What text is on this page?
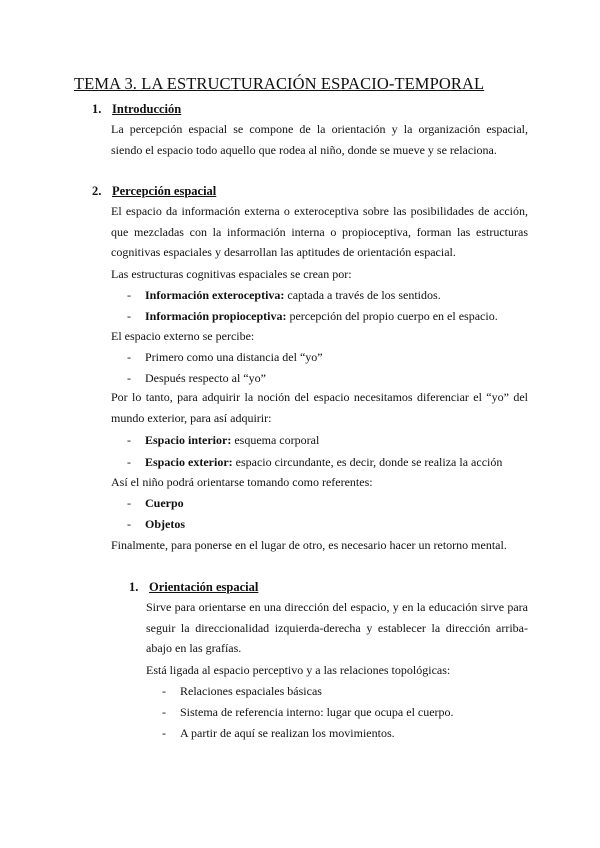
TEMA 3. LA ESTRUCTURACIÓN ESPACIO-TEMPORAL
1. Introducción
La percepción espacial se compone de la orientación y la organización espacial, siendo el espacio todo aquello que rodea al niño, donde se mueve y se relaciona.
2. Percepción espacial
El espacio da información externa o exteroceptiva sobre las posibilidades de acción, que mezcladas con la información interna o propioceptiva, forman las estructuras cognitivas espaciales y desarrollan las aptitudes de orientación espacial.
Las estructuras cognitivas espaciales se crean por:
- Información exteroceptiva: captada a través de los sentidos.
- Información propioceptiva: percepción del propio cuerpo en el espacio.
El espacio externo se percibe:
- Primero como una distancia del “yo”
- Después respecto al “yo”
Por lo tanto, para adquirir la noción del espacio necesitamos diferenciar el “yo” del mundo exterior, para así adquirir:
- Espacio interior: esquema corporal
- Espacio exterior: espacio circundante, es decir, donde se realiza la acción
Así el niño podrá orientarse tomando como referentes:
- Cuerpo
- Objetos
Finalmente, para ponerse en el lugar de otro, es necesario hacer un retorno mental.
1. Orientación espacial
Sirve para orientarse en una dirección del espacio, y en la educación sirve para seguir la direccionalidad izquierda-derecha y establecer la dirección arriba-abajo en las grafías.
Está ligada al espacio perceptivo y a las relaciones topológicas:
- Relaciones espaciales básicas
- Sistema de referencia interno: lugar que ocupa el cuerpo.
- A partir de aquí se realizan los movimientos.
